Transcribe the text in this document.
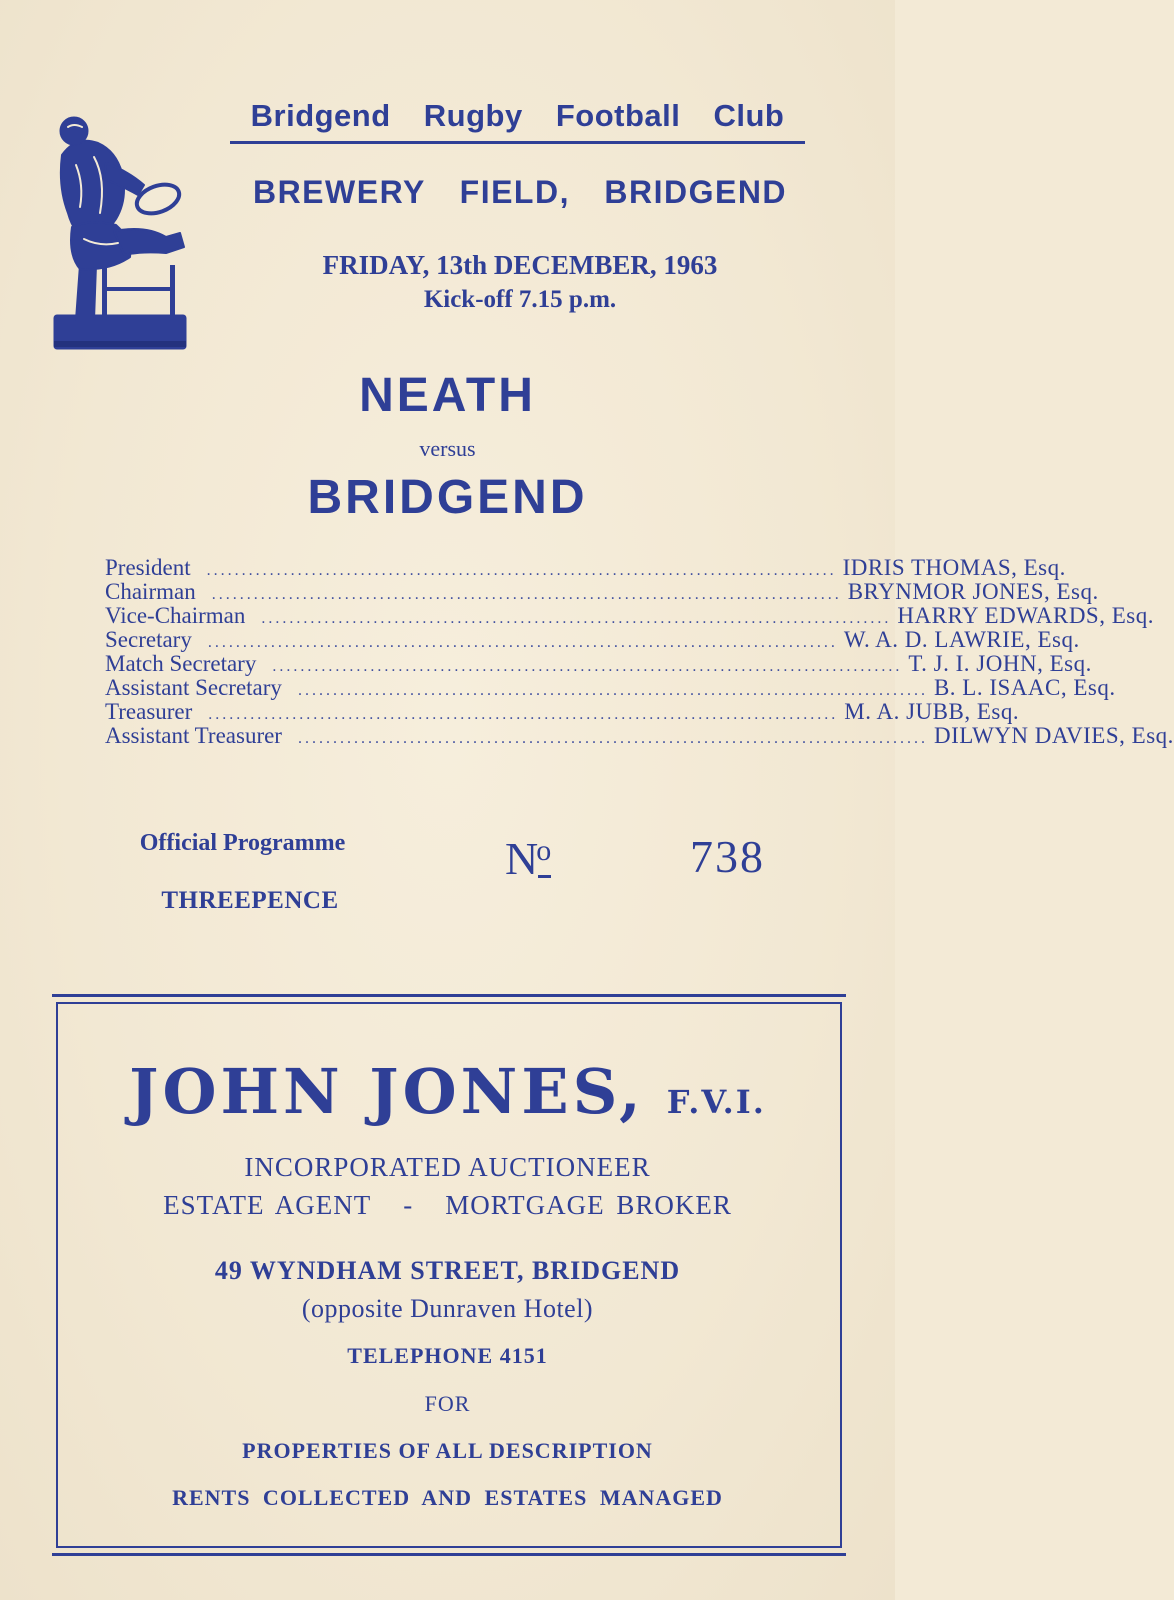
Bridgend Rugby Football Club
BREWERY FIELD, BRIDGEND
FRIDAY, 13th DECEMBER, 1963
Kick-off 7.15 p.m.
NEATH
versus
BRIDGEND
President .......................................................................................... IDRIS THOMAS, Esq.
Chairman .......................................................................................... BRYNMOR JONES, Esq.
Vice-Chairman .......................................................................................... HARRY EDWARDS, Esq.
Secretary .......................................................................................... W. A. D. LAWRIE, Esq.
Match Secretary .......................................................................................... T. J. I. JOHN, Esq.
Assistant Secretary .......................................................................................... B. L. ISAAC, Esq.
Treasurer .......................................................................................... M. A. JUBB, Esq.
Assistant Treasurer .......................................................................................... DILWYN DAVIES, Esq.
Official Programme
THREEPENCE
No	738
JOHN JONES, F.V.I.
INCORPORATED AUCTIONEER
ESTATE AGENT - MORTGAGE BROKER
49 WYNDHAM STREET, BRIDGEND
(opposite Dunraven Hotel)
TELEPHONE 4151
FOR
PROPERTIES OF ALL DESCRIPTION
RENTS COLLECTED AND ESTATES MANAGED
